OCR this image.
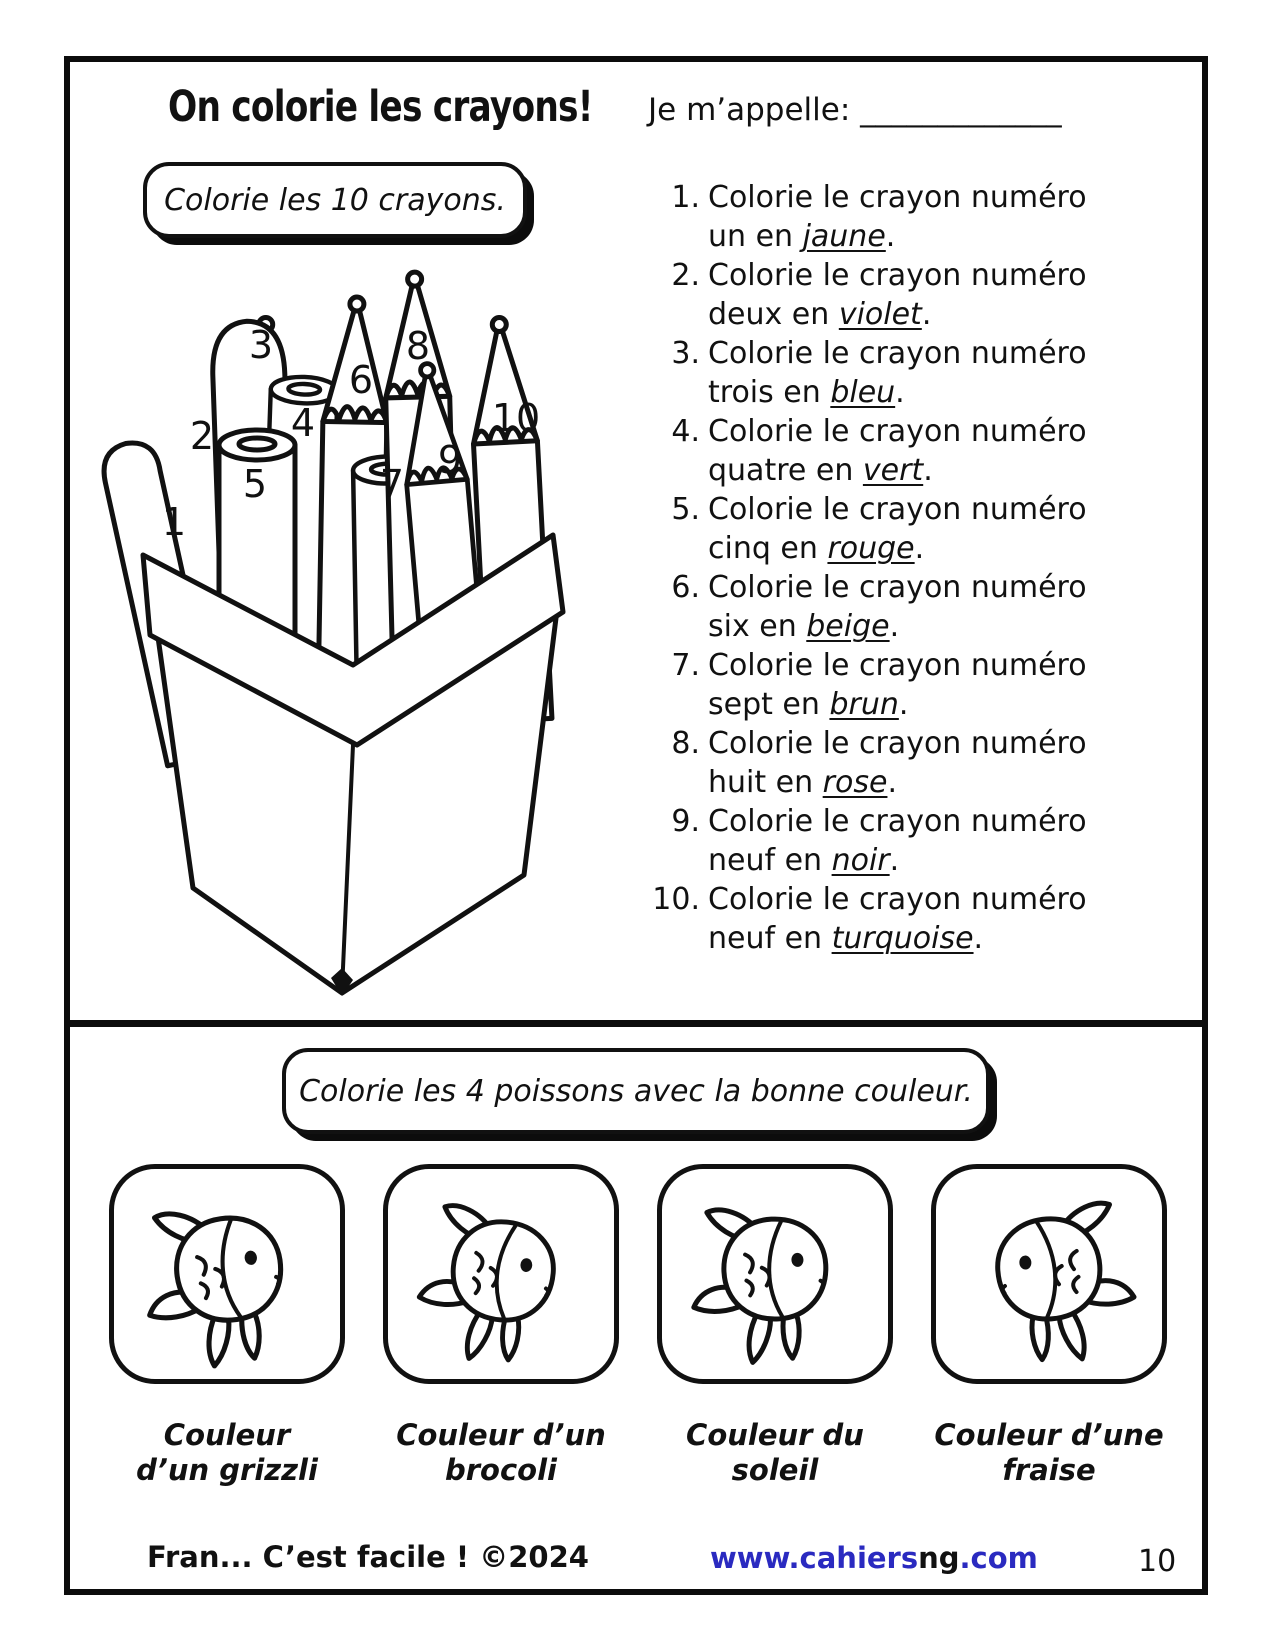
On colorie les crayons! Je m’appelle: _____________
Colorie les 10 crayons.
1
2
3
4
5
6
7
8
9
10
1. Colorie le crayon numéro
un en jaune.
2. Colorie le crayon numéro
deux en violet.
3. Colorie le crayon numéro
trois en bleu.
4. Colorie le crayon numéro
quatre en vert.
5. Colorie le crayon numéro
cinq en rouge.
6. Colorie le crayon numéro
six en beige.
7. Colorie le crayon numéro
sept en brun.
8. Colorie le crayon numéro
huit en rose.
9. Colorie le crayon numéro
neuf en noir.
10. Colorie le crayon numéro
neuf en turquoise.
Colorie les 4 poissons avec la bonne couleur.
Couleur
d’un grizzli
Couleur d’un
brocoli
Couleur du
soleil
Couleur d’une
fraise
Fran... C’est facile ! ©2024	www.cahiersng.com	10
